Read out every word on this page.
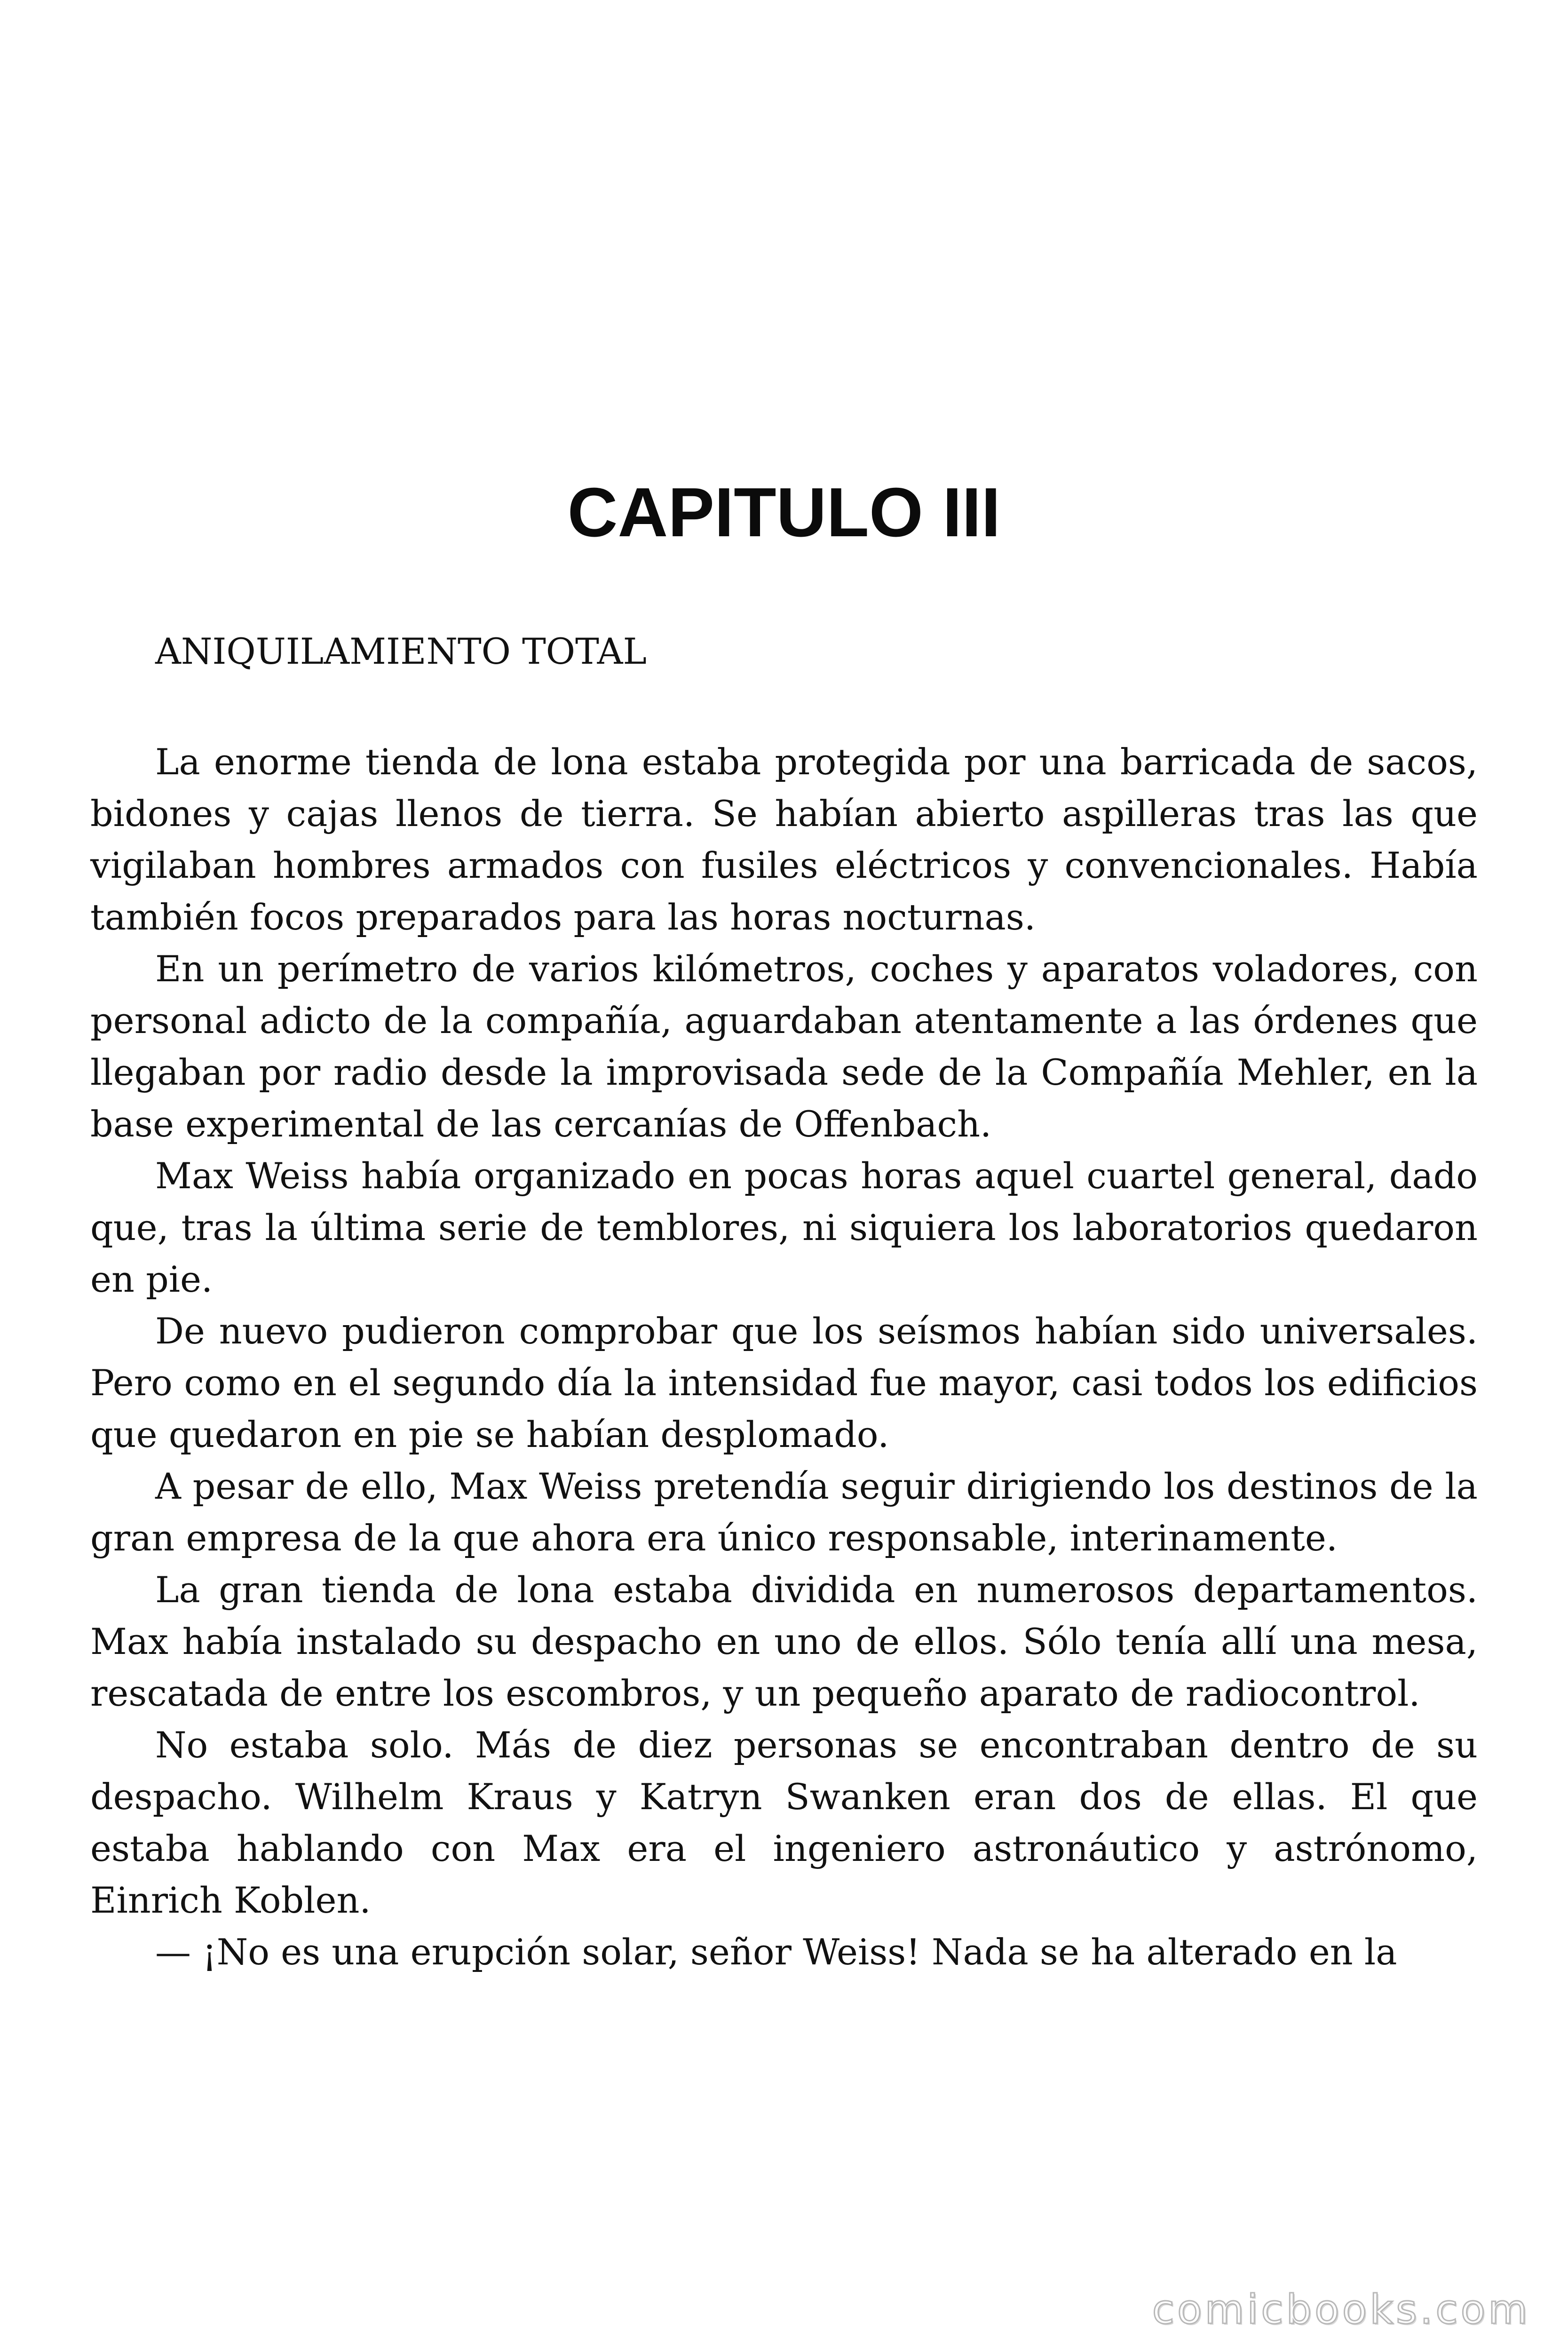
CAPITULO III
ANIQUILAMIENTO TOTAL

La enorme tienda de lona estaba protegida por una barricada de sacos, bidones y cajas llenos de tierra. Se habían abierto aspilleras tras las que vigilaban hombres armados con fusiles eléctricos y convencionales. Había también focos preparados para las horas nocturnas.

En un perímetro de varios kilómetros, coches y aparatos voladores, con personal adicto de la compañía, aguardaban atentamente a las órdenes que llegaban por radio desde la improvisada sede de la Compañía Mehler, en la base experimental de las cercanías de Offenbach.

Max Weiss había organizado en pocas horas aquel cuartel general, dado que, tras la última serie de temblores, ni siquiera los laboratorios quedaron en pie.

De nuevo pudieron comprobar que los seísmos habían sido universales. Pero como en el segundo día la intensidad fue mayor, casi todos los edificios que quedaron en pie se habían desplomado.

A pesar de ello, Max Weiss pretendía seguir dirigiendo los destinos de la gran empresa de la que ahora era único responsable, interinamente.

La gran tienda de lona estaba dividida en numerosos departamentos. Max había instalado su despacho en uno de ellos. Sólo tenía allí una mesa, rescatada de entre los escombros, y un pequeño aparato de radiocontrol.

No estaba solo. Más de diez personas se encontraban dentro de su despacho. Wilhelm Kraus y Katryn Swanken eran dos de ellas. El que estaba hablando con Max era el ingeniero astronáutico y astrónomo, Einrich Koblen.

— ¡No es una erupción solar, señor Weiss! Nada se ha alterado en la

comicbooks.com
